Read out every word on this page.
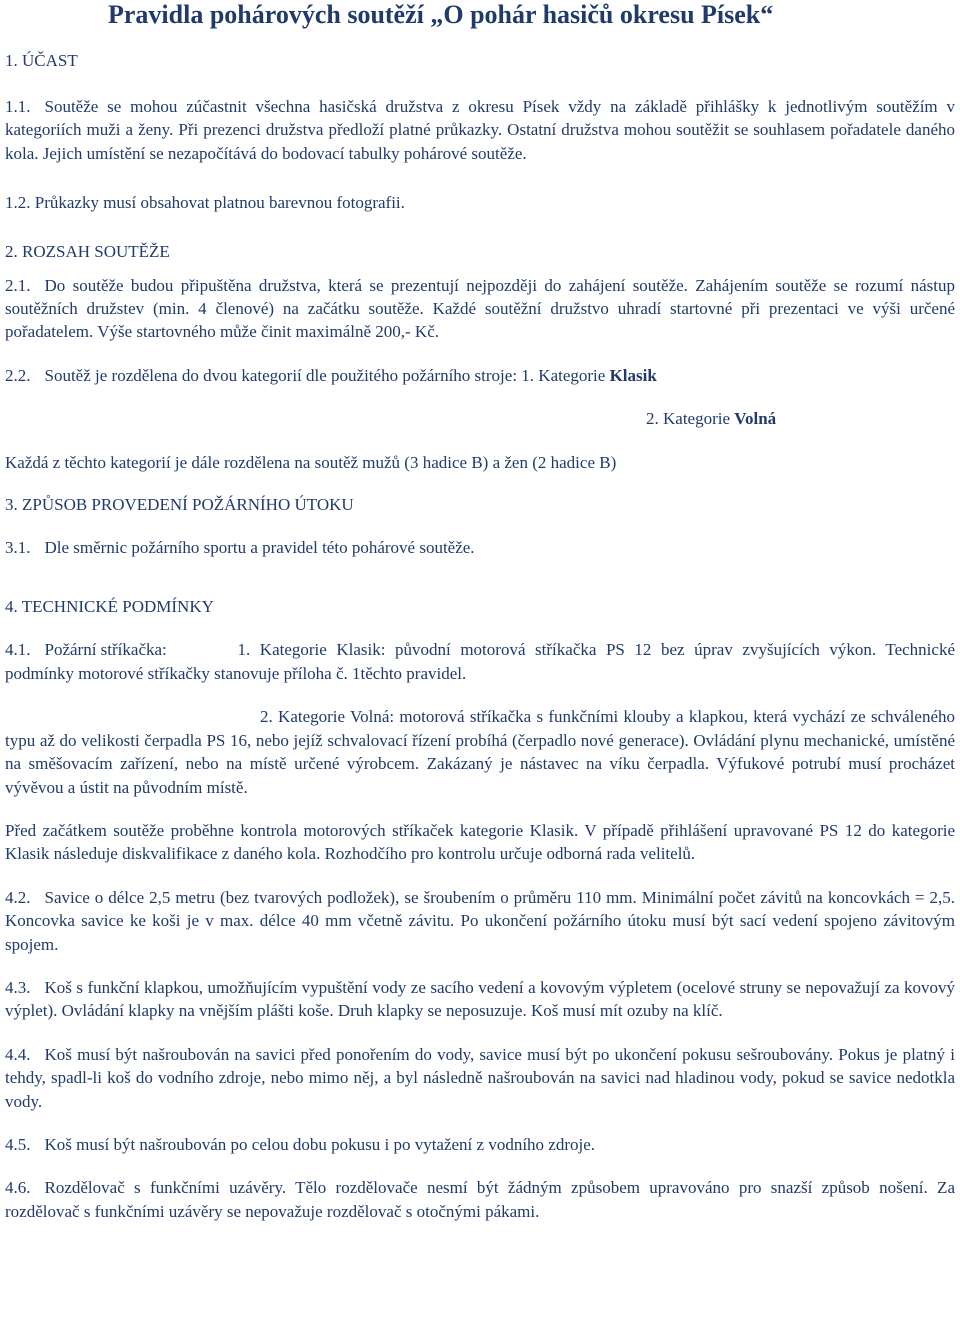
Pravidla pohárových soutěží „O pohár hasičů okresu Písek“
1. ÚČAST

1.1. Soutěže se mohou zúčastnit všechna hasičská družstva z okresu Písek vždy na základě přihlášky k jednotlivým soutěžím v kategoriích muži a ženy. Při prezenci družstva předloží platné průkazky. Ostatní družstva mohou soutěžit se souhlasem pořadatele daného kola. Jejich umístění se nezapočítává do bodovací tabulky pohárové soutěže.

1.2. Průkazky musí obsahovat platnou barevnou fotografii.

2. ROZSAH SOUTĚŽE

2.1. Do soutěže budou připuštěna družstva, která se prezentují nejpozději do zahájení soutěže. Zahájením soutěže se rozumí nástup soutěžních družstev (min. 4 členové) na začátku soutěže. Každé soutěžní družstvo uhradí startovné při prezentaci ve výši určené pořadatelem. Výše startovného může činit maximálně 200,- Kč.

2.2. Soutěž je rozdělena do dvou kategorií dle použitého požárního stroje: 1. Kategorie Klasik

2. Kategorie Volná

Každá z těchto kategorií je dále rozdělena na soutěž mužů (3 hadice B) a žen (2 hadice B)

3. ZPŮSOB PROVEDENÍ POŽÁRNÍHO ÚTOKU

3.1. Dle směrnic požárního sportu a pravidel této pohárové soutěže.

4. TECHNICKÉ PODMÍNKY

4.1. Požární stříkačka:	1. Kategorie Klasik: původní motorová stříkačka PS 12 bez úprav zvyšujících výkon. Technické podmínky motorové stříkačky stanovuje příloha č. 1těchto pravidel.

2. Kategorie Volná: motorová stříkačka s funkčními klouby a klapkou, která vychází ze schváleného typu až do velikosti čerpadla PS 16, nebo jejíž schvalovací řízení probíhá (čerpadlo nové generace). Ovládání plynu mechanické, umístěné na směšovacím zařízení, nebo na místě určené výrobcem. Zakázaný je nástavec na víku čerpadla. Výfukové potrubí musí procházet vývěvou a ústit na původním místě.

Před začátkem soutěže proběhne kontrola motorových stříkaček kategorie Klasik. V případě přihlášení upravované PS 12 do kategorie Klasik následuje diskvalifikace z daného kola. Rozhodčího pro kontrolu určuje odborná rada velitelů.

4.2. Savice o délce 2,5 metru (bez tvarových podložek), se šroubením o průměru 110 mm. Minimální počet závitů na koncovkách = 2,5. Koncovka savice ke koši je v max. délce 40 mm včetně závitu. Po ukončení požárního útoku musí být sací vedení spojeno závitovým spojem.

4.3. Koš s funkční klapkou, umožňujícím vypuštění vody ze sacího vedení a kovovým výpletem (ocelové struny se nepovažují za kovový výplet). Ovládání klapky na vnějším plášti koše. Druh klapky se neposuzuje. Koš musí mít ozuby na klíč.

4.4. Koš musí být našroubován na savici před ponořením do vody, savice musí být po ukončení pokusu sešroubovány. Pokus je platný i tehdy, spadl-li koš do vodního zdroje, nebo mimo něj, a byl následně našroubován na savici nad hladinou vody, pokud se savice nedotkla vody.

4.5. Koš musí být našroubován po celou dobu pokusu i po vytažení z vodního zdroje.

4.6. Rozdělovač s funkčními uzávěry. Tělo rozdělovače nesmí být žádným způsobem upravováno pro snazší způsob nošení. Za rozdělovač s funkčními uzávěry se nepovažuje rozdělovač s otočnými pákami.
